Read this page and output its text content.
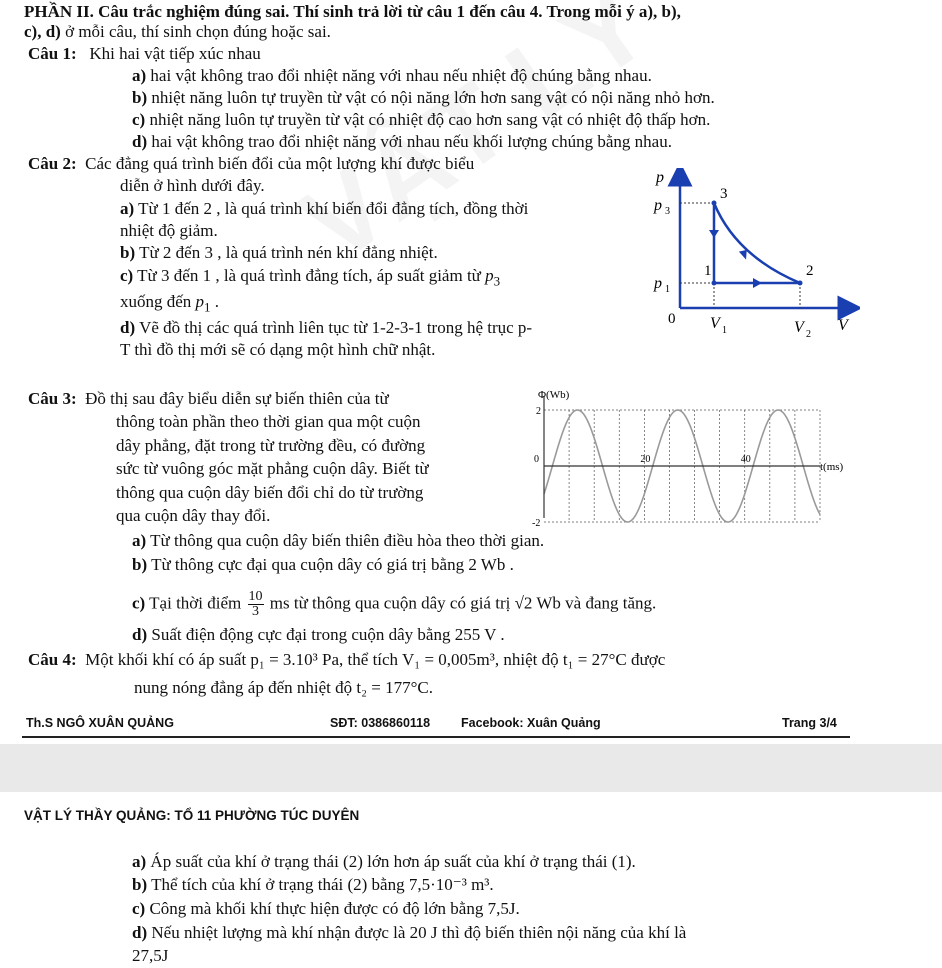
PHẦN II. Câu trắc nghiệm đúng sai. Thí sinh trả lời từ câu 1 đến câu 4. Trong mỗi ý a), b),
c), d) ở mỗi câu, thí sinh chọn đúng hoặc sai.
Câu 1: Khi hai vật tiếp xúc nhau
a) hai vật không trao đổi nhiệt năng với nhau nếu nhiệt độ chúng bằng nhau.
b) nhiệt năng luôn tự truyền từ vật có nội năng lớn hơn sang vật có nội năng nhỏ hơn.
c) nhiệt năng luôn tự truyền từ vật có nhiệt độ cao hơn sang vật có nhiệt độ thấp hơn.
d) hai vật không trao đổi nhiệt năng với nhau nếu khối lượng chúng bằng nhau.
Câu 2: Các đẳng quá trình biến đổi của một lượng khí được biểu
diễn ở hình dưới đây.
a) Từ 1 đến 2 , là quá trình khí biến đổi đẳng tích, đồng thời
nhiệt độ giảm.
b) Từ 2 đến 3 , là quá trình nén khí đẳng nhiệt.
c) Từ 3 đến 1 , là quá trình đẳng tích, áp suất giảm từ $p_3$
xuống đến $p_1$ .
d) Vẽ đồ thị các quá trình liên tục từ 1-2-3-1 trong hệ trục p-
T thì đồ thị mới sẽ có dạng một hình chữ nhật.
p
V
0
p 3
p 1
V 1	V 2
3
1	2
Câu 3: Đồ thị sau đây biểu diễn sự biến thiên của từ
thông toàn phần theo thời gian qua một cuộn
dây phẳng, đặt trong từ trường đều, có đường
sức từ vuông góc mặt phẳng cuộn dây. Biết từ
thông qua cuộn dây biến đổi chỉ do từ trường
qua cuộn dây thay đổi.
Φ(Wb)
t(ms)
0	20	40
2
-2
a) Từ thông qua cuộn dây biến thiên điều hòa theo thời gian.
b) Từ thông cực đại qua cuộn dây có giá trị bằng 2 Wb .
c) Tại thời điểm $\frac{10}{3}$ ms từ thông qua cuộn dây có giá trị √2 Wb và đang tăng.
d) Suất điện động cực đại trong cuộn dây bằng 255 V .
Câu 4: Một khối khí có áp suất p₁ = 3.10³ Pa, thể tích V₁ = 0,005m³, nhiệt độ t₁ = 27°C được
nung nóng đẳng áp đến nhiệt độ t₂ = 177°C.
Th.S NGÔ XUÂN QUẢNG	SĐT: 0386860118 Facebook: Xuân Quảng	Trang 3/4
VẬT LÝ THẦY QUẢNG: TỔ 11 PHƯỜNG TÚC DUYÊN
a) Áp suất của khí ở trạng thái (2) lớn hơn áp suất của khí ở trạng thái (1).
b) Thể tích của khí ở trạng thái (2) bằng 7,5·10⁻³ m³.
c) Công mà khối khí thực hiện được có độ lớn bằng 7,5J.
d) Nếu nhiệt lượng mà khí nhận được là 20 J thì độ biến thiên nội năng của khí là
27,5J
